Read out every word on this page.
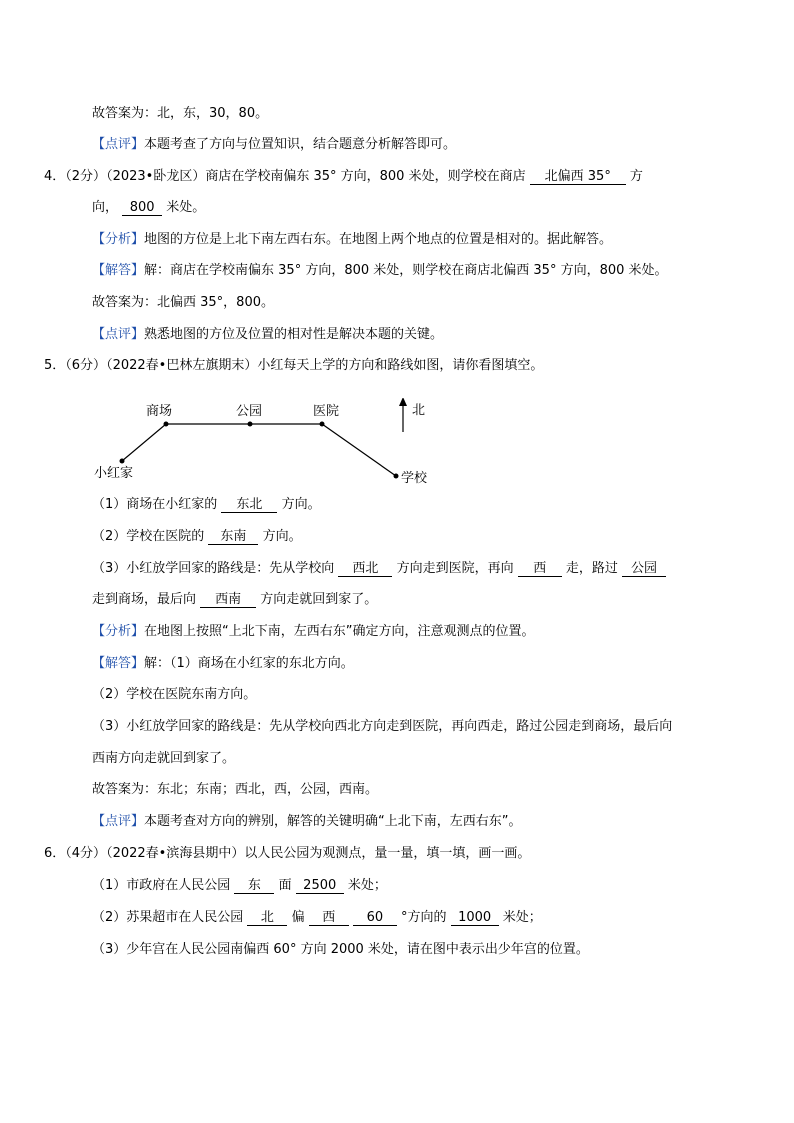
故答案为：北，东，30，80。
【点评】本题考查了方向与位置知识，结合题意分析解答即可。
4．（2分）（2023•卧龙区）商店在学校南偏东 35° 方向，800 米处，则学校在商店 北偏西 35° 方
向， 800 米处。
【分析】地图的方位是上北下南左西右东。在地图上两个地点的位置是相对的。据此解答。
【解答】解：商店在学校南偏东 35° 方向，800 米处，则学校在商店北偏西 35° 方向，800 米处。
故答案为：北偏西 35°，800。
【点评】熟悉地图的方位及位置的相对性是解决本题的关键。
5．（6分）（2022春•巴林左旗期末）小红每天上学的方向和路线如图，请你看图填空。
小红家
商场	公园	医院
学校
北
（1）商场在小红家的 东北 方向。
（2）学校在医院的 东南 方向。
（3）小红放学回家的路线是：先从学校向 西北 方向走到医院，再向 西 走，路过 公园
走到商场，最后向 西南 方向走就回到家了。
【分析】在地图上按照“上北下南，左西右东”确定方向，注意观测点的位置。
【解答】解：（1）商场在小红家的东北方向。
（2）学校在医院东南方向。
（3）小红放学回家的路线是：先从学校向西北方向走到医院，再向西走，路过公园走到商场，最后向
西南方向走就回到家了。
故答案为：东北；东南；西北，西，公园，西南。
【点评】本题考查对方向的辨别，解答的关键明确“上北下南，左西右东”。
6．（4分）（2022春•滨海县期中）以人民公园为观测点，量一量，填一填，画一画。
（1）市政府在人民公园 东 面 2500 米处；
（2）苏果超市在人民公园 北 偏 西 60 °方向的 1000 米处；
（3）少年宫在人民公园南偏西 60° 方向 2000 米处，请在图中表示出少年宫的位置。
